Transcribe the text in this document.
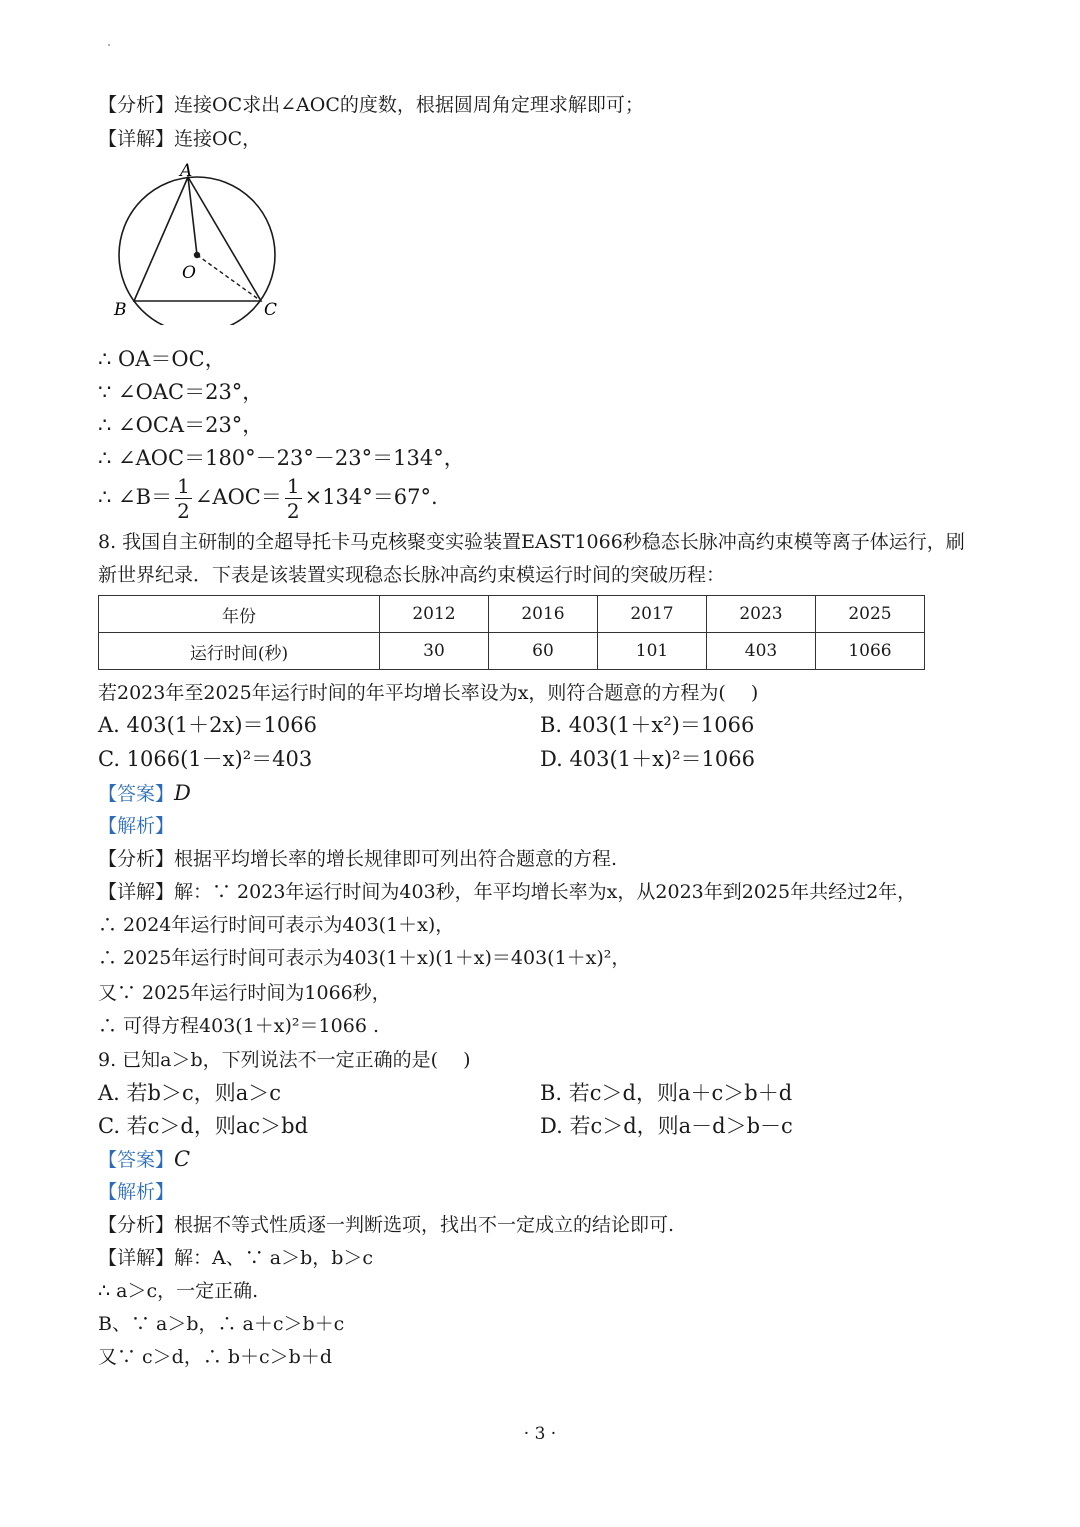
【分析】连接OC求出∠AOC的度数，根据圆周角定理求解即可；
【详解】连接OC，
A
B	C
O
∴ OA＝OC，
∵ ∠OAC＝23°，
∴ ∠OCA＝23°，
∴ ∠AOC＝180°－23°－23°＝134°，
∴ ∠B＝ $\frac{1}{2}$ ∠AOC＝ $\frac{1}{2} \times 134^\circ=67^\circ$.
8. 我国自主研制的全超导托卡马克核聚变实验装置EAST1066秒稳态长脉冲高约束模等离子体运行，刷
新世界纪录．下表是该装置实现稳态长脉冲高约束模运行时间的突破历程：
年份	2012	2016	2017	2023	2025
运行时间(秒)	30	60	101	403	1066
若2023年至2025年运行时间的年平均增长率设为x，则符合题意的方程为(　 )
A. 403(1＋2x)＝1066	B. 403(1＋x²)＝1066
C. 1066(1－x)²＝403	D. 403(1＋x)²＝1066
【答案】D
【解析】
【分析】根据平均增长率的增长规律即可列出符合题意的方程.
【详解】解：∵ 2023年运行时间为403秒，年平均增长率为x，从2023年到2025年共经过2年，
∴ 2024年运行时间可表示为403(1＋x)，
∴ 2025年运行时间可表示为403(1＋x)(1＋x)＝403(1＋x)²，
又∵ 2025年运行时间为1066秒，
∴ 可得方程403(1＋x)²＝1066 .
9. 已知a＞b，下列说法不一定正确的是(　 )
A. 若b＞c，则a＞c	B. 若c＞d，则a＋c＞b＋d
C. 若c＞d，则ac＞bd	D. 若c＞d，则a－d＞b－c
【答案】C
【解析】
【分析】根据不等式性质逐一判断选项，找出不一定成立的结论即可.
【详解】解：A、∵ a＞b，b＞c
∴ a＞c，一定正确.
B、∵ a＞b，∴ a＋c＞b＋c
又∵ c＞d，∴ b＋c＞b＋d
· 3 ·
